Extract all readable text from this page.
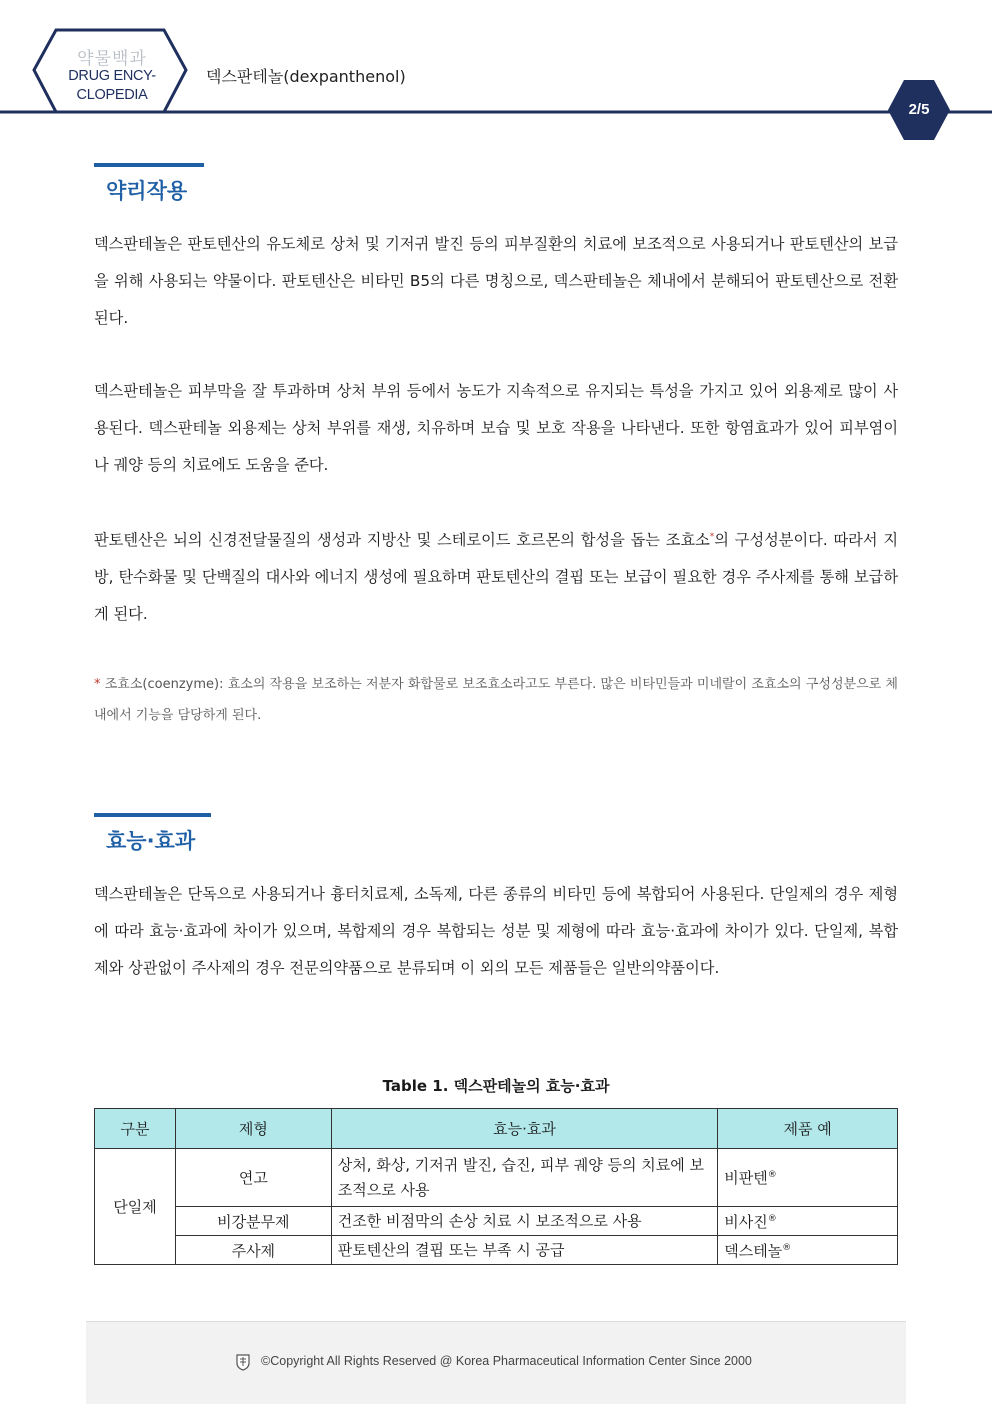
약물백과
DRUG ENCY-
CLOPEDIA
덱스판테놀(dexpanthenol)
2/5
약리작용
덱스판테놀은 판토텐산의 유도체로 상처 및 기저귀 발진 등의 피부질환의 치료에 보조적으로 사용되거나 판토텐산의 보급을 위해 사용되는 약물이다. 판토텐산은 비타민 B5의 다른 명칭으로, 덱스판테놀은 체내에서 분해되어 판토텐산으로 전환된다.
덱스판테놀은 피부막을 잘 투과하며 상처 부위 등에서 농도가 지속적으로 유지되는 특성을 가지고 있어 외용제로 많이 사용된다. 덱스판테놀 외용제는 상처 부위를 재생, 치유하며 보습 및 보호 작용을 나타낸다. 또한 항염효과가 있어 피부염이나 궤양 등의 치료에도 도움을 준다.
판토텐산은 뇌의 신경전달물질의 생성과 지방산 및 스테로이드 호르몬의 합성을 돕는 조효소*의 구성성분이다. 따라서 지방, 탄수화물 및 단백질의 대사와 에너지 생성에 필요하며 판토텐산의 결핍 또는 보급이 필요한 경우 주사제를 통해 보급하게 된다.
* 조효소(coenzyme): 효소의 작용을 보조하는 저분자 화합물로 보조효소라고도 부른다. 많은 비타민들과 미네랄이 조효소의 구성성분으로 체내에서 기능을 담당하게 된다.
효능·효과
덱스판테놀은 단독으로 사용되거나 흉터치료제, 소독제, 다른 종류의 비타민 등에 복합되어 사용된다. 단일제의 경우 제형에 따라 효능·효과에 차이가 있으며, 복합제의 경우 복합되는 성분 및 제형에 따라 효능·효과에 차이가 있다. 단일제, 복합제와 상관없이 주사제의 경우 전문의약품으로 분류되며 이 외의 모든 제품들은 일반의약품이다.
Table 1. 덱스판테놀의 효능·효과
구분	제형	효능·효과	제품 예
단일제	연고	상처, 화상, 기저귀 발진, 습진, 피부 궤양 등의 치료에 보조적으로 사용	비판텐®
	비강분무제	건조한 비점막의 손상 치료 시 보조적으로 사용	비사진®
	주사제	판토텐산의 결핍 또는 부족 시 공급	덱스테놀®
©Copyright All Rights Reserved @ Korea Pharmaceutical Information Center Since 2000
